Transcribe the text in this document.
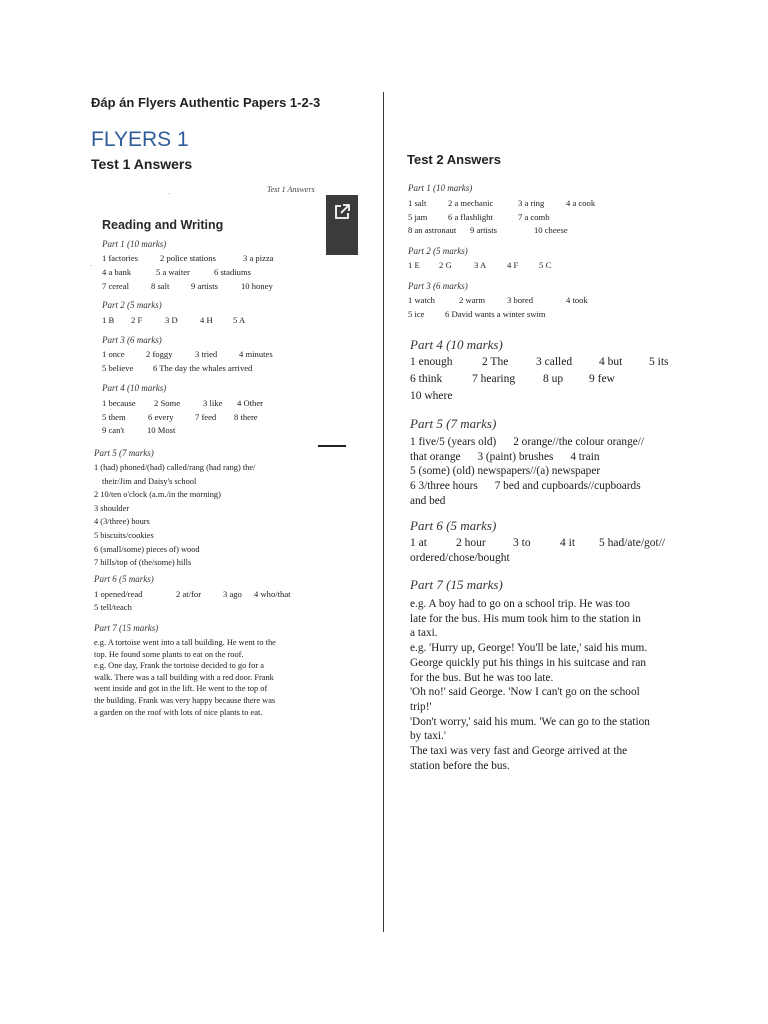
Đáp án Flyers Authentic Papers 1-2-3
FLYERS 1
Test 1 Answers	Test 2 Answers
Test 1 Answers
Reading and Writing
·
·
Part 1 (10 marks)
1 factories	2 police stations	3 a pizza
4 a bank	5 a waiter	6 stadiums
7 cereal	8 salt	9 artists	10 honey
Part 2 (5 marks)
1 B 2 F	3 D	4 H 5 A
Part 3 (6 marks)
1 once 2 foggy	3 tried	4 minutes
5 believe 6 The day the whales arrived
Part 4 (10 marks)
1 because 2 Some	3 like 4 Other
5 them	6 every 7 feed 8 there
9 can't	10 Most
Part 5 (7 marks)
1 (had) phoned/(had) called/rang (had rang) the/
their/Jim and Daisy's school
2 10/ten o'clock (a.m./in the morning)
3 shoulder
4 (3/three) hours
5 biscuits/cookies
6 (small/some) pieces of) wood
7 hills/top of (the/some) hills
Part 6 (5 marks)
1 opened/read	2 at/for	3 ago 4 who/that
5 tell/teach
Part 7 (15 marks)
e.g. A tortoise went into a tall building. He went to the
top. He found some plants to eat on the roof.
e.g. One day, Frank the tortoise decided to go for a
walk. There was a tall building with a red door. Frank
went inside and got in the lift. He went to the top of
the building. Frank was very happy because there was
a garden on the roof with lots of nice plants to eat.
Part 1 (10 marks)
1 salt	2 a mechanic	3 a ring	4 a cook
5 jam 6 a flashlight	7 a comb
8 an astronaut 9 artists	10 cheese
Part 2 (5 marks)
1 E 2 G	3 A 4 F 5 C
Part 3 (6 marks)
1 watch	2 warm	3 bored	4 took
5 ice 6 David wants a winter swim
Part 4 (10 marks)
1 enough	2 The 3 called 4 but 5 its
6 think	7 hearing 8 up 9 few
10 where
Part 5 (7 marks)
1 five/5 (years old)      2 orange//the colour orange//
that orange      3 (paint) brushes      4 train
5 (some) (old) newspapers//(a) newspaper
6 3/three hours      7 bed and cupboards//cupboards
and bed
Part 6 (5 marks)
1 at	2 hour 3 to	4 it 5 had/ate/got//
ordered/chose/bought
Part 7 (15 marks)
e.g. A boy had to go on a school trip. He was too
late for the bus. His mum took him to the station in
a taxi.
e.g. 'Hurry up, George! You'll be late,' said his mum.
George quickly put his things in his suitcase and ran
for the bus. But he was too late.
'Oh no!' said George. 'Now I can't go on the school
trip!'
'Don't worry,' said his mum. 'We can go to the station
by taxi.'
The taxi was very fast and George arrived at the
station before the bus.
